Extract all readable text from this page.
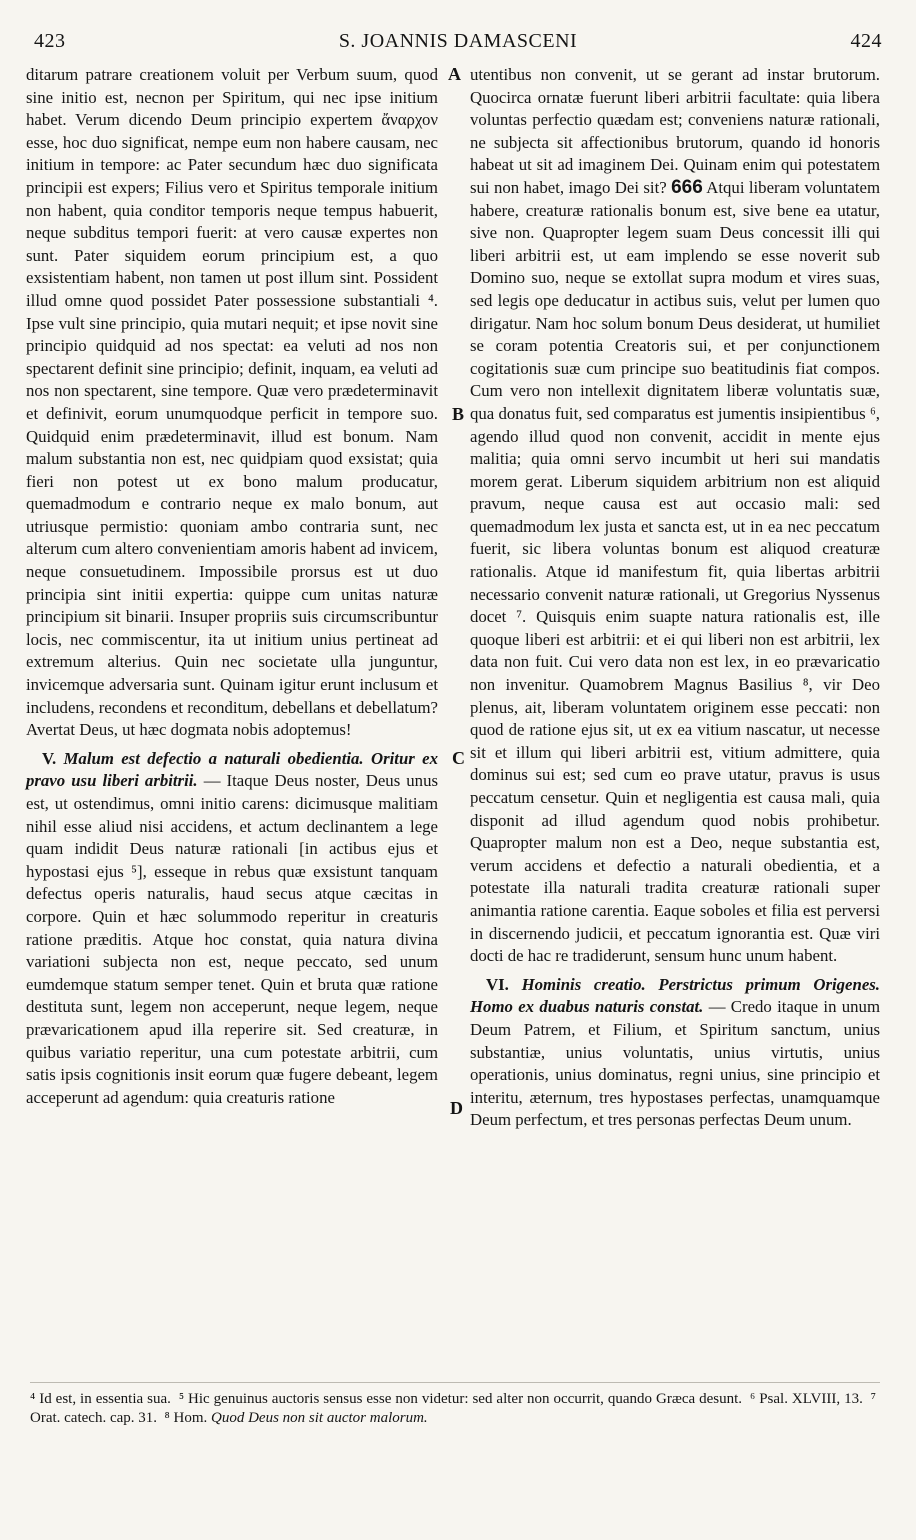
423	S. JOANNIS DAMASCENI	424

ditarum patrare creationem voluit per Verbum suum, quod sine initio est, necnon per Spiritum, qui nec ipse initium habet. Verum dicendo Deum principio expertem ἄναρχον esse, hoc duo significat, nempe eum non habere causam, nec initium in tempore: ac Pater secundum hæc duo significata principii est expers; Filius vero et Spiritus temporale initium non habent, quia conditor temporis neque tempus habuerit, neque subditus tempori fuerit: at vero causæ expertes non sunt. Pater siquidem eorum principium est, a quo exsistentiam habent, non tamen ut post illum sint. Possident illud omne quod possidet Pater possessione substantiali ⁴. Ipse vult sine principio, quia mutari nequit; et ipse novit sine principio quidquid ad nos spectat: ea veluti ad nos non spectarent definit sine principio; definit, inquam, ea veluti ad nos non spectarent, sine tempore. Quæ vero prædeterminavit et definivit, eorum unumquodque perficit in tempore suo. Quidquid enim prædeterminavit, illud est bonum. Nam malum substantia non est, nec quidpiam quod exsistat; quia fieri non potest ut ex bono malum producatur, quemadmodum e contrario neque ex malo bonum, aut utriusque permistio: quoniam ambo contraria sunt, nec alterum cum altero convenientiam amoris habent ad invicem, neque consuetudinem. Impossibile prorsus est ut duo principia sint initii expertia: quippe cum unitas naturæ principium sit binarii. Insuper propriis suis circumscribuntur locis, nec commiscentur, ita ut initium unius pertineat ad extremum alterius. Quin nec societate ulla junguntur, invicemque adversaria sunt. Quinam igitur erunt inclusum et includens, recondens et reconditum, debellans et debellatum? Avertat Deus, ut hæc dogmata nobis adoptemus!

V. Malum est defectio a naturali obedientia. Oritur ex pravo usu liberi arbitrii. — Itaque Deus noster, Deus unus est, ut ostendimus, omni initio carens: dicimusque malitiam nihil esse aliud nisi accidens, et actum declinantem a lege quam indidit Deus naturæ rationali [in actibus ejus et hypostasi ejus ⁵], esseque in rebus quæ exsistunt tanquam defectus operis naturalis, haud secus atque cæcitas in corpore. Quin et hæc solummodo reperitur in creaturis ratione præditis. Atque hoc constat, quia natura divina variationi subjecta non est, neque peccato, sed unum eumdemque statum semper tenet. Quin et bruta quæ ratione destituta sunt, legem non acceperunt, neque legem, neque prævaricationem apud illa reperire sit. Sed creaturæ, in quibus variatio reperitur, una cum potestate arbitrii, cum satis ipsis cognitionis insit eorum quæ fugere debeant, legem acceperunt ad agendum: quia creaturis ratione

utentibus non convenit, ut se gerant ad instar brutorum. Quocirca ornatæ fuerunt liberi arbitrii facultate: quia libera voluntas perfectio quædam est; conveniens naturæ rationali, ne subjecta sit affectionibus brutorum, quando id honoris habeat ut sit ad imaginem Dei. Quinam enim qui potestatem sui non habet, imago Dei sit? 666 Atqui liberam voluntatem habere, creaturæ rationalis bonum est, sive bene ea utatur, sive non. Quapropter legem suam Deus concessit illi qui liberi arbitrii est, ut eam implendo se esse noverit sub Domino suo, neque se extollat supra modum et vires suas, sed legis ope deducatur in actibus suis, velut per lumen quo dirigatur. Nam hoc solum bonum Deus desiderat, ut humiliet se coram potentia Creatoris sui, et per conjunctionem cogitationis suæ cum principe suo beatitudinis fiat compos. Cum vero non intellexit dignitatem liberæ voluntatis suæ, qua donatus fuit, sed comparatus est jumentis insipientibus ⁶, agendo illud quod non convenit, accidit in mente ejus malitia; quia omni servo incumbit ut heri sui mandatis morem gerat. Liberum siquidem arbitrium non est aliquid pravum, neque causa est aut occasio mali: sed quemadmodum lex justa et sancta est, ut in ea nec peccatum fuerit, sic libera voluntas bonum est aliquod creaturæ rationalis. Atque id manifestum fit, quia libertas arbitrii necessario convenit naturæ rationali, ut Gregorius Nyssenus docet ⁷. Quisquis enim suapte natura rationalis est, ille quoque liberi est arbitrii: et ei qui liberi non est arbitrii, lex data non fuit. Cui vero data non est lex, in eo prævaricatio non invenitur. Quamobrem Magnus Basilius ⁸, vir Deo plenus, ait, liberam voluntatem originem esse peccati: non quod de ratione ejus sit, ut ex ea vitium nascatur, ut necesse sit et illum qui liberi arbitrii est, vitium admittere, quia dominus sui est; sed cum eo prave utatur, pravus is usus peccatum censetur. Quin et negligentia est causa mali, quia disponit ad illud agendum quod nobis prohibetur. Quapropter malum non est a Deo, neque substantia est, verum accidens et defectio a naturali obedientia, et a potestate illa naturali tradita creaturæ rationali super animantia ratione carentia. Eaque soboles et filia est perversi in discernendo judicii, et peccatum ignorantia est. Quæ viri docti de hac re tradiderunt, sensum hunc unum habent.

VI. Hominis creatio. Perstrictus primum Origenes. Homo ex duabus naturis constat. — Credo itaque in unum Deum Patrem, et Filium, et Spiritum sanctum, unius substantiæ, unius voluntatis, unius virtutis, unius operationis, unius dominatus, regni unius, sine principio et interitu, æternum, tres hypostases perfectas, unamquamque Deum perfectum, et tres personas perfectas Deum unum.

A
B
C
D
⁴ Id est, in essentia sua. ⁵ Hic genuinus auctoris sensus esse non videtur: sed alter non occurrit, quando Græca desunt. ⁶ Psal. XLVIII, 13. ⁷ Orat. catech. cap. 31. ⁸ Hom. Quod Deus non sit auctor malorum.
